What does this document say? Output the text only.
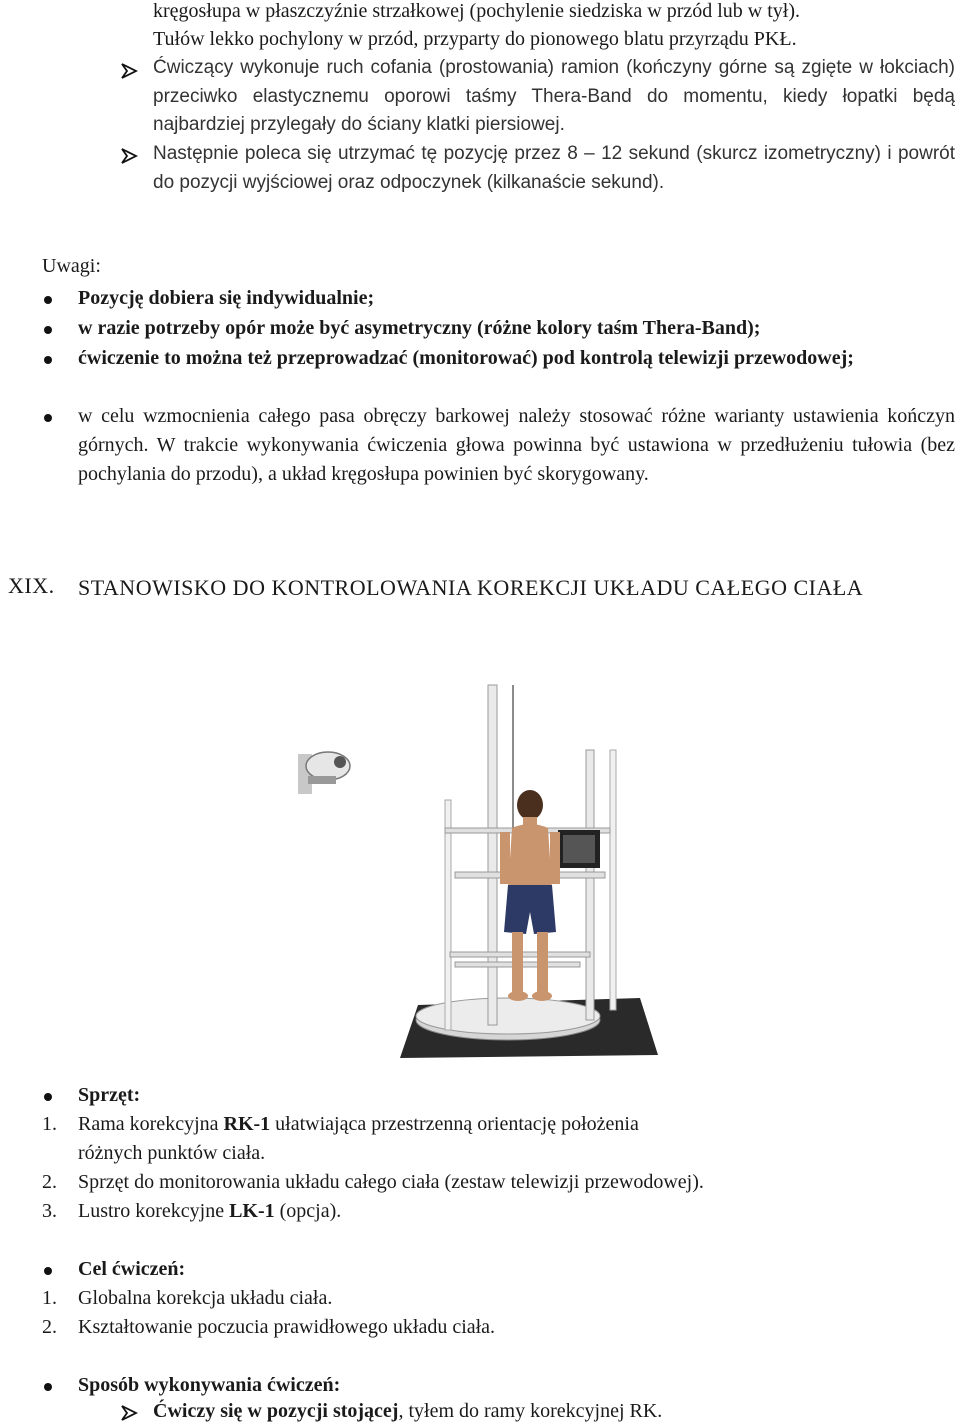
kręgosłupa w płaszczyźnie strzałkowej (pochylenie siedziska w przód lub w tył).
Tułów lekko pochylony w przód, przyparty do pionowego blatu przyrządu PKŁ.
Ćwiczący wykonuje ruch cofania (prostowania) ramion (kończyny górne są zgięte w łokciach) przeciwko elastycznemu oporowi taśmy Thera-Band do momentu, kiedy łopatki będą najbardziej przylegały do ściany klatki piersiowej.
Następnie poleca się utrzymać tę pozycję przez 8 – 12 sekund (skurcz izometryczny) i powrót do pozycji wyjściowej oraz odpoczynek (kilkanaście sekund).
Uwagi:
Pozycję dobiera się indywidualnie;
w razie potrzeby opór może być asymetryczny (różne kolory taśm Thera-Band);
ćwiczenie to można też przeprowadzać (monitorować) pod kontrolą telewizji przewodowej;
w celu wzmocnienia całego pasa obręczy barkowej należy stosować różne warianty ustawienia kończyn górnych. W trakcie wykonywania ćwiczenia głowa powinna być ustawiona w przedłużeniu tułowia (bez pochylania do przodu), a układ kręgosłupa powinien być skorygowany.
XIX. STANOWISKO DO KONTROLOWANIA KOREKCJI UKŁADU CAŁEGO CIAŁA
Sprzęt:
1.	Rama korekcyjna RK-1 ułatwiająca przestrzenną orientację położenia różnych punktów ciała.
2.	Sprzęt do monitorowania układu całego ciała (zestaw telewizji przewodowej).
3.	Lustro korekcyjne LK-1 (opcja).
Cel ćwiczeń:
1.	Globalna korekcja układu ciała.
2.	Kształtowanie poczucia prawidłowego układu ciała.
Sposób wykonywania ćwiczeń:
Ćwiczy się w pozycji stojącej, tyłem do ramy korekcyjnej RK.
